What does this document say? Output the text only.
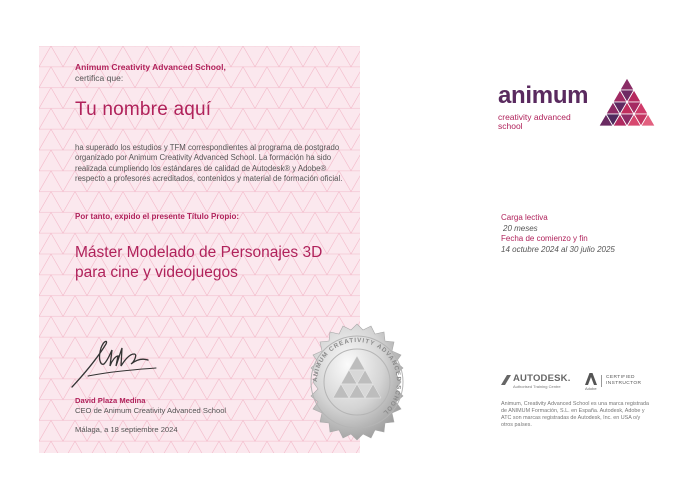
Animum Creativity Advanced School,
certifica que:
Tu nombre aquí
ha superado los estudios y TFM correspondientes al programa de postgrado organizado por Animum Creativity Advanced School. La formación ha sido realizada cumpliendo los estándares de calidad de Autodesk® y Adobe® respecto a profesores acreditados, contenidos y material de formación oficial.
Por tanto, expido el presente Título Propio:
Máster Modelado de Personajes 3D para cine y videojuegos
David Plaza Medina
CEO de Animum Creativity Advanced School
Málaga, a 18 septiembre 2024
ANIMUM CREATIVITY ADVANCED SCHOOL
animum
creativity advanced
school
Carga lectiva
20 meses
Fecha de comienzo y fin
14 octubre 2024 al 30 julio 2025
AUTODESK.
Authorised Training Centre	Adobe
CERTIFIED
INSTRUCTOR
Animum, Creativity Advanced School es una marca registrada de ANIMUM Formación, S.L. en España. Autodesk, Adobe y ATC son marcas registradas de Autodesk, Inc. en USA o/y otros países.
